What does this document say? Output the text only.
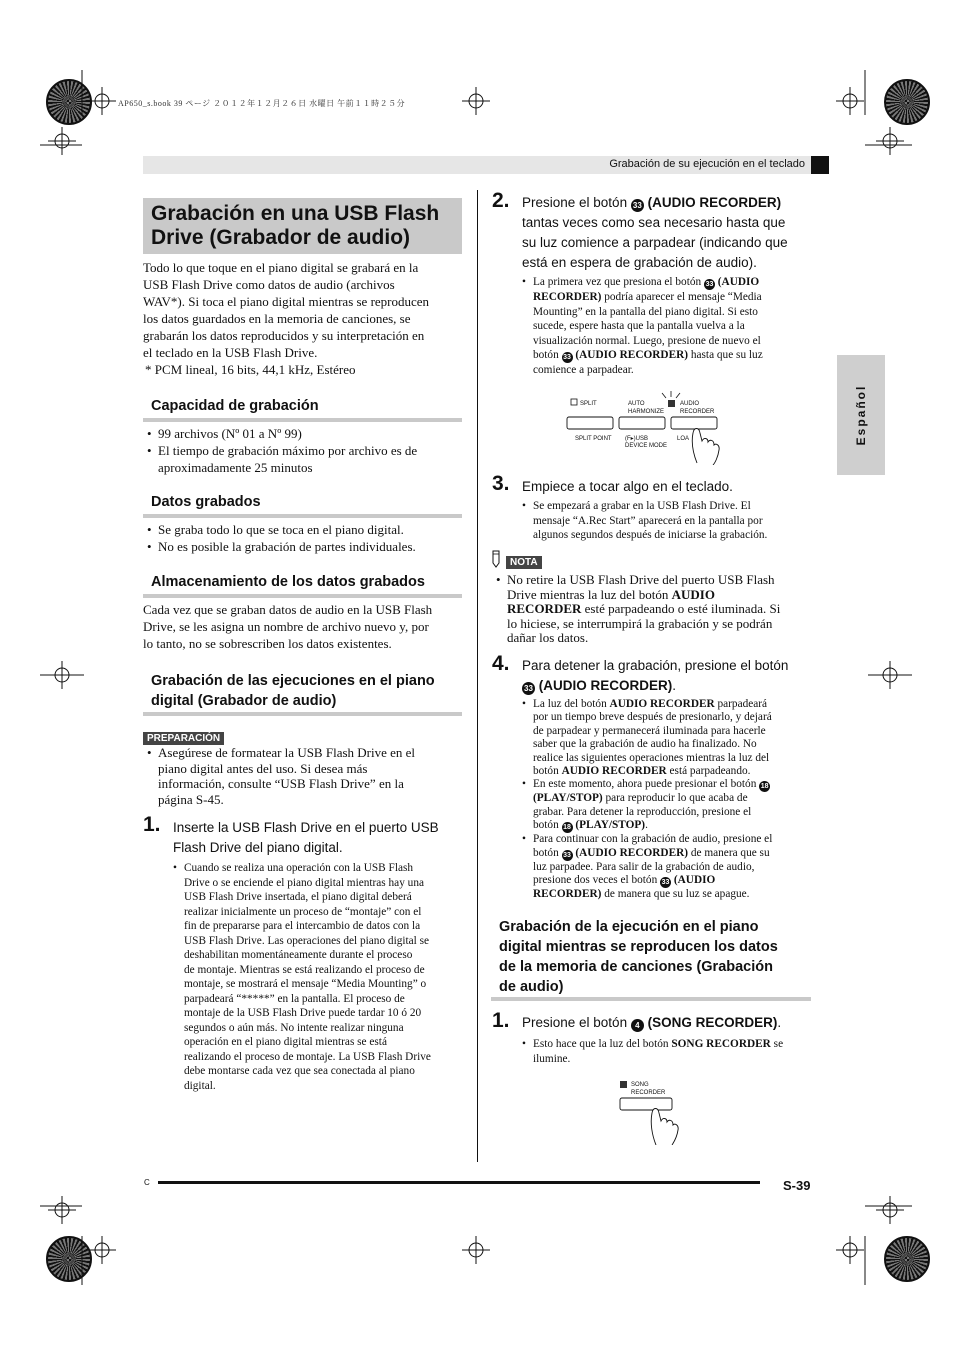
AP650_s.book 39 ページ ２０１２年１２月２６日 水曜日 午前１１時２５分
Grabación de su ejecución en el teclado
Español
Grabación en una USB Flash
Drive (Grabador de audio)
Todo lo que toque en el piano digital se grabará en la
USB Flash Drive como datos de audio (archivos
WAV*). Si toca el piano digital mientras se reproducen
los datos guardados en la memoria de canciones, se
grabarán los datos reproducidos y su interpretación en
el teclado en la USB Flash Drive.
* PCM lineal, 16 bits, 44,1 kHz, Estéreo
Capacidad de grabación
• 99 archivos (Nº 01 a Nº 99)
• El tiempo de grabación máximo por archivo es de
aproximadamente 25 minutos
Datos grabados
• Se graba todo lo que se toca en el piano digital.
• No es posible la grabación de partes individuales.
Almacenamiento de los datos grabados
Cada vez que se graban datos de audio en la USB Flash
Drive, se les asigna un nombre de archivo nuevo y, por
lo tanto, no se sobrescriben los datos existentes.
Grabación de las ejecuciones en el piano
digital (Grabador de audio)
PREPARACIÓN
• Asegúrese de formatear la USB Flash Drive en el
piano digital antes del uso. Si desea más
información, consulte “USB Flash Drive” en la
página S-45.
1. Inserte la USB Flash Drive en el puerto USB
Flash Drive del piano digital.
• Cuando se realiza una operación con la USB Flash
Drive o se enciende el piano digital mientras hay una
USB Flash Drive insertada, el piano digital deberá
realizar inicialmente un proceso de “montaje” con el
fin de prepararse para el intercambio de datos con la
USB Flash Drive. Las operaciones del piano digital se
deshabilitan momentáneamente durante el proceso
de montaje. Mientras se está realizando el proceso de
montaje, se mostrará el mensaje “Media Mounting” o
parpadeará “*****” en la pantalla. El proceso de
montaje de la USB Flash Drive puede tardar 10 ó 20
segundos o aún más. No intente realizar ninguna
operación en el piano digital mientras se está
realizando el proceso de montaje. La USB Flash Drive
debe montarse cada vez que sea conectada al piano
digital.
2. Presione el botón 33 (AUDIO RECORDER)
tantas veces como sea necesario hasta que
su luz comience a parpadear (indicando que
está en espera de grabación de audio).
• La primera vez que presiona el botón 33 (AUDIO
RECORDER) podría aparecer el mensaje “Media
Mounting” en la pantalla del piano digital. Si esto
sucede, espere hasta que la pantalla vuelva a la
visualización normal. Luego, presione de nuevo el
botón 33 (AUDIO RECORDER) hasta que su luz
comience a parpadear.
SPLIT	AUTO
HARMONIZE
AUDIO
RECORDER
SPLIT POINT (F▸)USB
DEVICE MODE
LOA
3. Empiece a tocar algo en el teclado.
• Se empezará a grabar en la USB Flash Drive. El
mensaje “A.Rec Start” aparecerá en la pantalla por
algunos segundos después de iniciarse la grabación.
NOTA
• No retire la USB Flash Drive del puerto USB Flash
Drive mientras la luz del botón AUDIO
RECORDER esté parpadeando o esté iluminada. Si
lo hiciese, se interrumpirá la grabación y se podrán
dañar los datos.
4. Para detener la grabación, presione el botón
33 (AUDIO RECORDER).
• La luz del botón AUDIO RECORDER parpadeará
por un tiempo breve después de presionarlo, y dejará
de parpadear y permanecerá iluminada para hacerle
saber que la grabación de audio ha finalizado. No
realice las siguientes operaciones mientras la luz del
botón AUDIO RECORDER está parpadeando.
• En este momento, ahora puede presionar el botón 18
(PLAY/STOP) para reproducir lo que acaba de
grabar. Para detener la reproducción, presione el
botón 18 (PLAY/STOP).
• Para continuar con la grabación de audio, presione el
botón 33 (AUDIO RECORDER) de manera que su
luz parpadee. Para salir de la grabación de audio,
presione dos veces el botón 33 (AUDIO
RECORDER) de manera que su luz se apague.
Grabación de la ejecución en el piano
digital mientras se reproducen los datos
de la memoria de canciones (Grabación
de audio)
1. Presione el botón 4 (SONG RECORDER).
• Esto hace que la luz del botón SONG RECORDER se
ilumine.
SONG
RECORDER
C	S-39
